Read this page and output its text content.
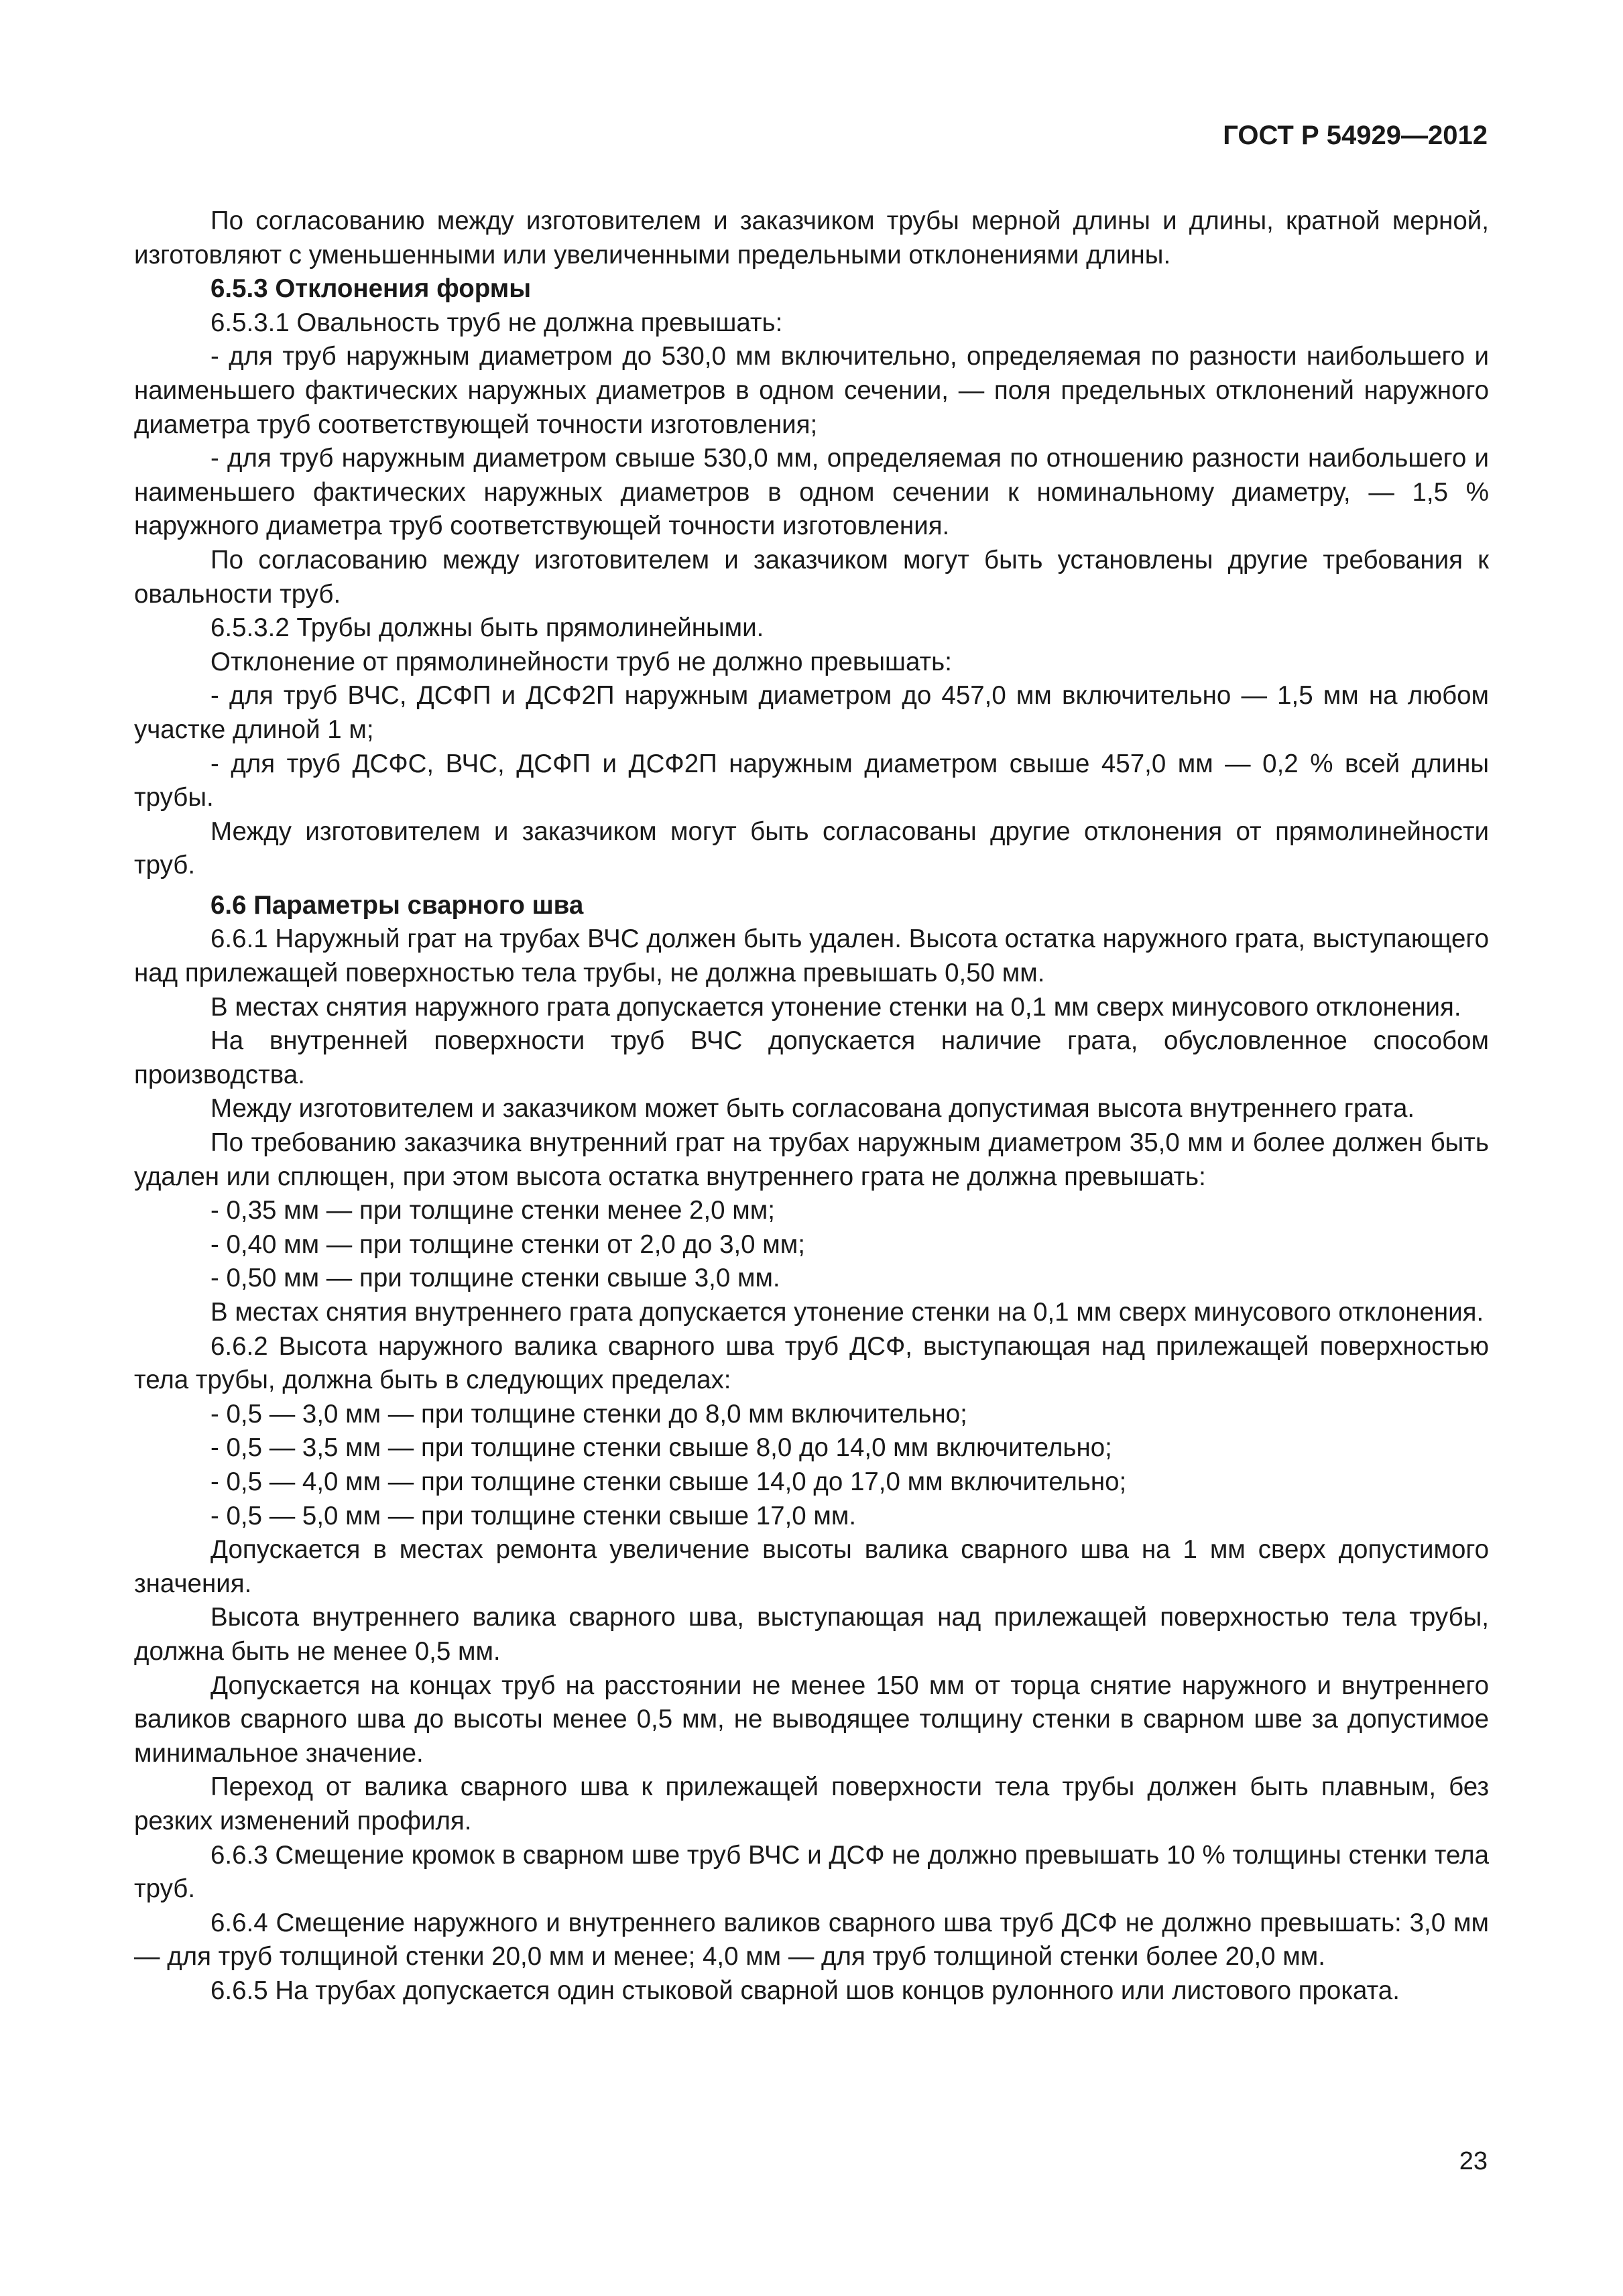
ГОСТ Р 54929—2012

По согласованию между изготовителем и заказчиком трубы мерной длины и длины, кратной мерной, изготовляют с уменьшенными или увеличенными предельными отклонениями длины.

6.5.3 Отклонения формы

6.5.3.1 Овальность труб не должна превышать:

- для труб наружным диаметром до 530,0 мм включительно, определяемая по разности наибольшего и наименьшего фактических наружных диаметров в одном сечении, — поля предельных отклонений наружного диаметра труб соответствующей точности изготовления;

- для труб наружным диаметром свыше 530,0 мм, определяемая по отношению разности наибольшего и наименьшего фактических наружных диаметров в одном сечении к номинальному диаметру, — 1,5 % наружного диаметра труб соответствующей точности изготовления.

По согласованию между изготовителем и заказчиком могут быть установлены другие требования к овальности труб.

6.5.3.2 Трубы должны быть прямолинейными.

Отклонение от прямолинейности труб не должно превышать:

- для труб ВЧС, ДСФП и ДСФ2П наружным диаметром до 457,0 мм включительно — 1,5 мм на любом участке длиной 1 м;

- для труб ДСФС, ВЧС, ДСФП и ДСФ2П наружным диаметром свыше 457,0 мм — 0,2 % всей длины трубы.

Между изготовителем и заказчиком могут быть согласованы другие отклонения от прямолинейности труб.

6.6 Параметры сварного шва

6.6.1 Наружный грат на трубах ВЧС должен быть удален. Высота остатка наружного грата, выступающего над прилежащей поверхностью тела трубы, не должна превышать 0,50 мм.

В местах снятия наружного грата допускается утонение стенки на 0,1 мм сверх минусового отклонения.

На внутренней поверхности труб ВЧС допускается наличие грата, обусловленное способом производства.

Между изготовителем и заказчиком может быть согласована допустимая высота внутреннего грата.

По требованию заказчика внутренний грат на трубах наружным диаметром 35,0 мм и более должен быть удален или сплющен, при этом высота остатка внутреннего грата не должна превышать:

- 0,35 мм — при толщине стенки менее 2,0 мм;

- 0,40 мм — при толщине стенки от 2,0 до 3,0 мм;

- 0,50 мм — при толщине стенки свыше 3,0 мм.

В местах снятия внутреннего грата допускается утонение стенки на 0,1 мм сверх минусового отклонения.

6.6.2 Высота наружного валика сварного шва труб ДСФ, выступающая над прилежащей поверхностью тела трубы, должна быть в следующих пределах:

- 0,5 — 3,0 мм — при толщине стенки до 8,0 мм включительно;

- 0,5 — 3,5 мм — при толщине стенки свыше 8,0 до 14,0 мм включительно;

- 0,5 — 4,0 мм — при толщине стенки свыше 14,0 до 17,0 мм включительно;

- 0,5 — 5,0 мм — при толщине стенки свыше 17,0 мм.

Допускается в местах ремонта увеличение высоты валика сварного шва на 1 мм сверх допустимого значения.

Высота внутреннего валика сварного шва, выступающая над прилежащей поверхностью тела трубы, должна быть не менее 0,5 мм.

Допускается на концах труб на расстоянии не менее 150 мм от торца снятие наружного и внутреннего валиков сварного шва до высоты менее 0,5 мм, не выводящее толщину стенки в сварном шве за допустимое минимальное значение.

Переход от валика сварного шва к прилежащей поверхности тела трубы должен быть плавным, без резких изменений профиля.

6.6.3 Смещение кромок в сварном шве труб ВЧС и ДСФ не должно превышать 10 % толщины стенки тела труб.

6.6.4 Смещение наружного и внутреннего валиков сварного шва труб ДСФ не должно превышать: 3,0 мм — для труб толщиной стенки 20,0 мм и менее; 4,0 мм — для труб толщиной стенки более 20,0 мм.

6.6.5 На трубах допускается один стыковой сварной шов концов рулонного или листового проката.

23
